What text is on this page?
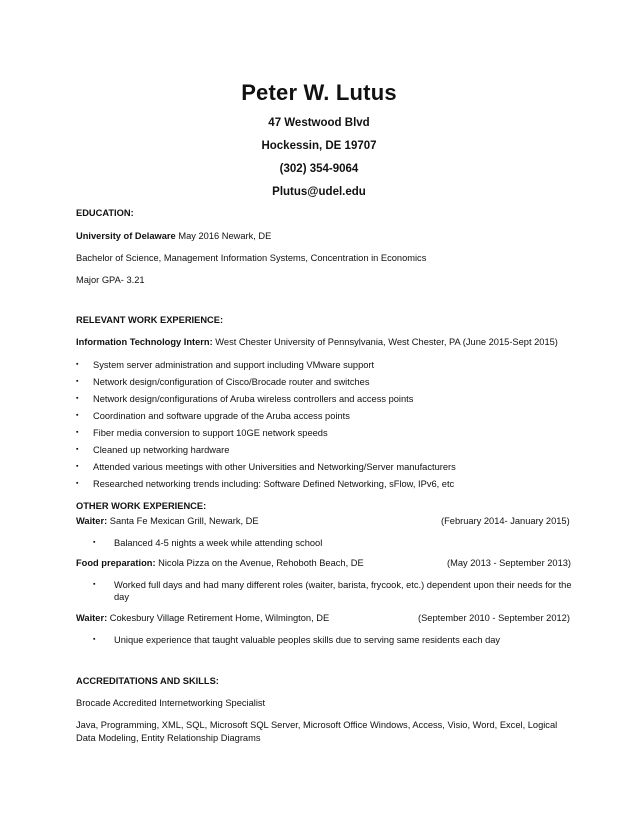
Peter W. Lutus
47 Westwood Blvd
Hockessin, DE 19707
(302) 354-9064
Plutus@udel.edu
EDUCATION:
University of Delaware May 2016 Newark, DE
Bachelor of Science, Management Information Systems, Concentration in Economics
Major GPA- 3.21
RELEVANT WORK EXPERIENCE:
Information Technology Intern: West Chester University of Pennsylvania, West Chester, PA (June 2015-Sept 2015)
▪ System server administration and support including VMware support
▪ Network design/configuration of Cisco/Brocade router and switches
▪ Network design/configurations of Aruba wireless controllers and access points
▪ Coordination and software upgrade of the Aruba access points
▪ Fiber media conversion to support 10GE network speeds
▪ Cleaned up networking hardware
▪ Attended various meetings with other Universities and Networking/Server manufacturers
▪ Researched networking trends including: Software Defined Networking, sFlow, IPv6, etc
OTHER WORK EXPERIENCE:
Waiter: Santa Fe Mexican Grill, Newark, DE	(February 2014- January 2015)
▪ Balanced 4-5 nights a week while attending school
Food preparation: Nicola Pizza on the Avenue, Rehoboth Beach, DE	(May 2013 - September 2013)
▪ Worked full days and had many different roles (waiter, barista, frycook, etc.) dependent upon their needs for the day
Waiter: Cokesbury Village Retirement Home, Wilmington, DE	(September 2010 - September 2012)
▪ Unique experience that taught valuable peoples skills due to serving same residents each day
ACCREDITATIONS AND SKILLS:
Brocade Accredited Internetworking Specialist
Java, Programming, XML, SQL, Microsoft SQL Server, Microsoft Office Windows, Access, Visio, Word, Excel, Logical
Data Modeling, Entity Relationship Diagrams
